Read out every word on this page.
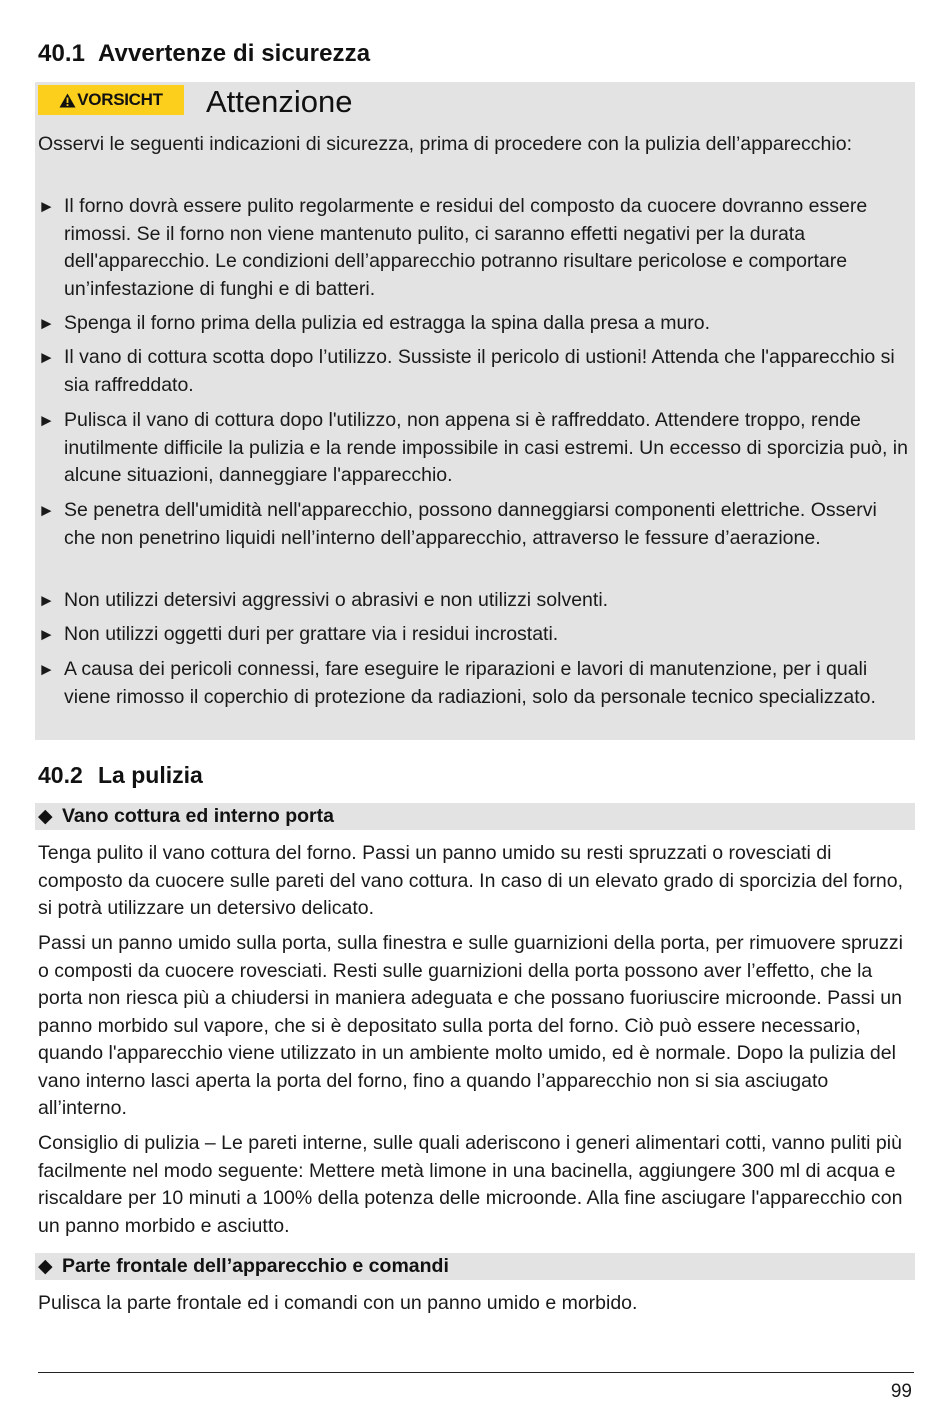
40.1 Avvertenze di sicurezza
VORSICHT Attenzione
Osservi le seguenti indicazioni di sicurezza, prima di procedere con la pulizia dell’apparecchio:
► Il forno dovrà essere pulito regolarmente e residui del composto da cuocere dovranno essere rimossi. Se il forno non viene mantenuto pulito, ci saranno effetti negativi per la durata dell'apparecchio. Le condizioni dell’apparecchio potranno risultare pericolose e comportare un’infestazione di funghi e di batteri.
► Spenga il forno prima della pulizia ed estragga la spina dalla presa a muro.
► Il vano di cottura scotta dopo l’utilizzo. Sussiste il pericolo di ustioni! Attenda che l'apparecchio si sia raffreddato.
► Pulisca il vano di cottura dopo l'utilizzo, non appena si è raffreddato. Attendere troppo, rende inutilmente difficile la pulizia e la rende impossibile in casi estremi. Un eccesso di sporcizia può, in alcune situazioni, danneggiare l'apparecchio.
► Se penetra dell'umidità nell'apparecchio, possono danneggiarsi componenti elettriche. Osservi che non penetrino liquidi nell’interno dell’apparecchio, attraverso le fessure d’aerazione.
► Non utilizzi detersivi aggressivi o abrasivi e non utilizzi solventi.
► Non utilizzi oggetti duri per grattare via i residui incrostati.
► A causa dei pericoli connessi, fare eseguire le riparazioni e lavori di manutenzione, per i quali viene rimosso il coperchio di protezione da radiazioni, solo da personale tecnico specializzato.
40.2 La pulizia
◆ Vano cottura ed interno porta
Tenga pulito il vano cottura del forno. Passi un panno umido su resti spruzzati o rovesciati di composto da cuocere sulle pareti del vano cottura. In caso di un elevato grado di sporcizia del forno, si potrà utilizzare un detersivo delicato.
Passi un panno umido sulla porta, sulla finestra e sulle guarnizioni della porta, per rimuovere spruzzi o composti da cuocere rovesciati. Resti sulle guarnizioni della porta possono aver l’effetto, che la porta non riesca più a chiudersi in maniera adeguata e che possano fuoriuscire microonde. Passi un panno morbido sul vapore, che si è depositato sulla porta del forno. Ciò può essere necessario, quando l'apparecchio viene utilizzato in un ambiente molto umido, ed è normale. Dopo la pulizia del vano interno lasci aperta la porta del forno, fino a quando l’apparecchio non si sia asciugato all’interno.
Consiglio di pulizia – Le pareti interne, sulle quali aderiscono i generi alimentari cotti, vanno puliti più facilmente nel modo seguente: Mettere metà limone in una bacinella, aggiungere 300 ml di acqua e riscaldare per 10 minuti a 100% della potenza delle microonde. Alla fine asciugare l'apparecchio con un panno morbido e asciutto.
◆ Parte frontale dell’apparecchio e comandi
Pulisca la parte frontale ed i comandi con un panno umido e morbido.
99
